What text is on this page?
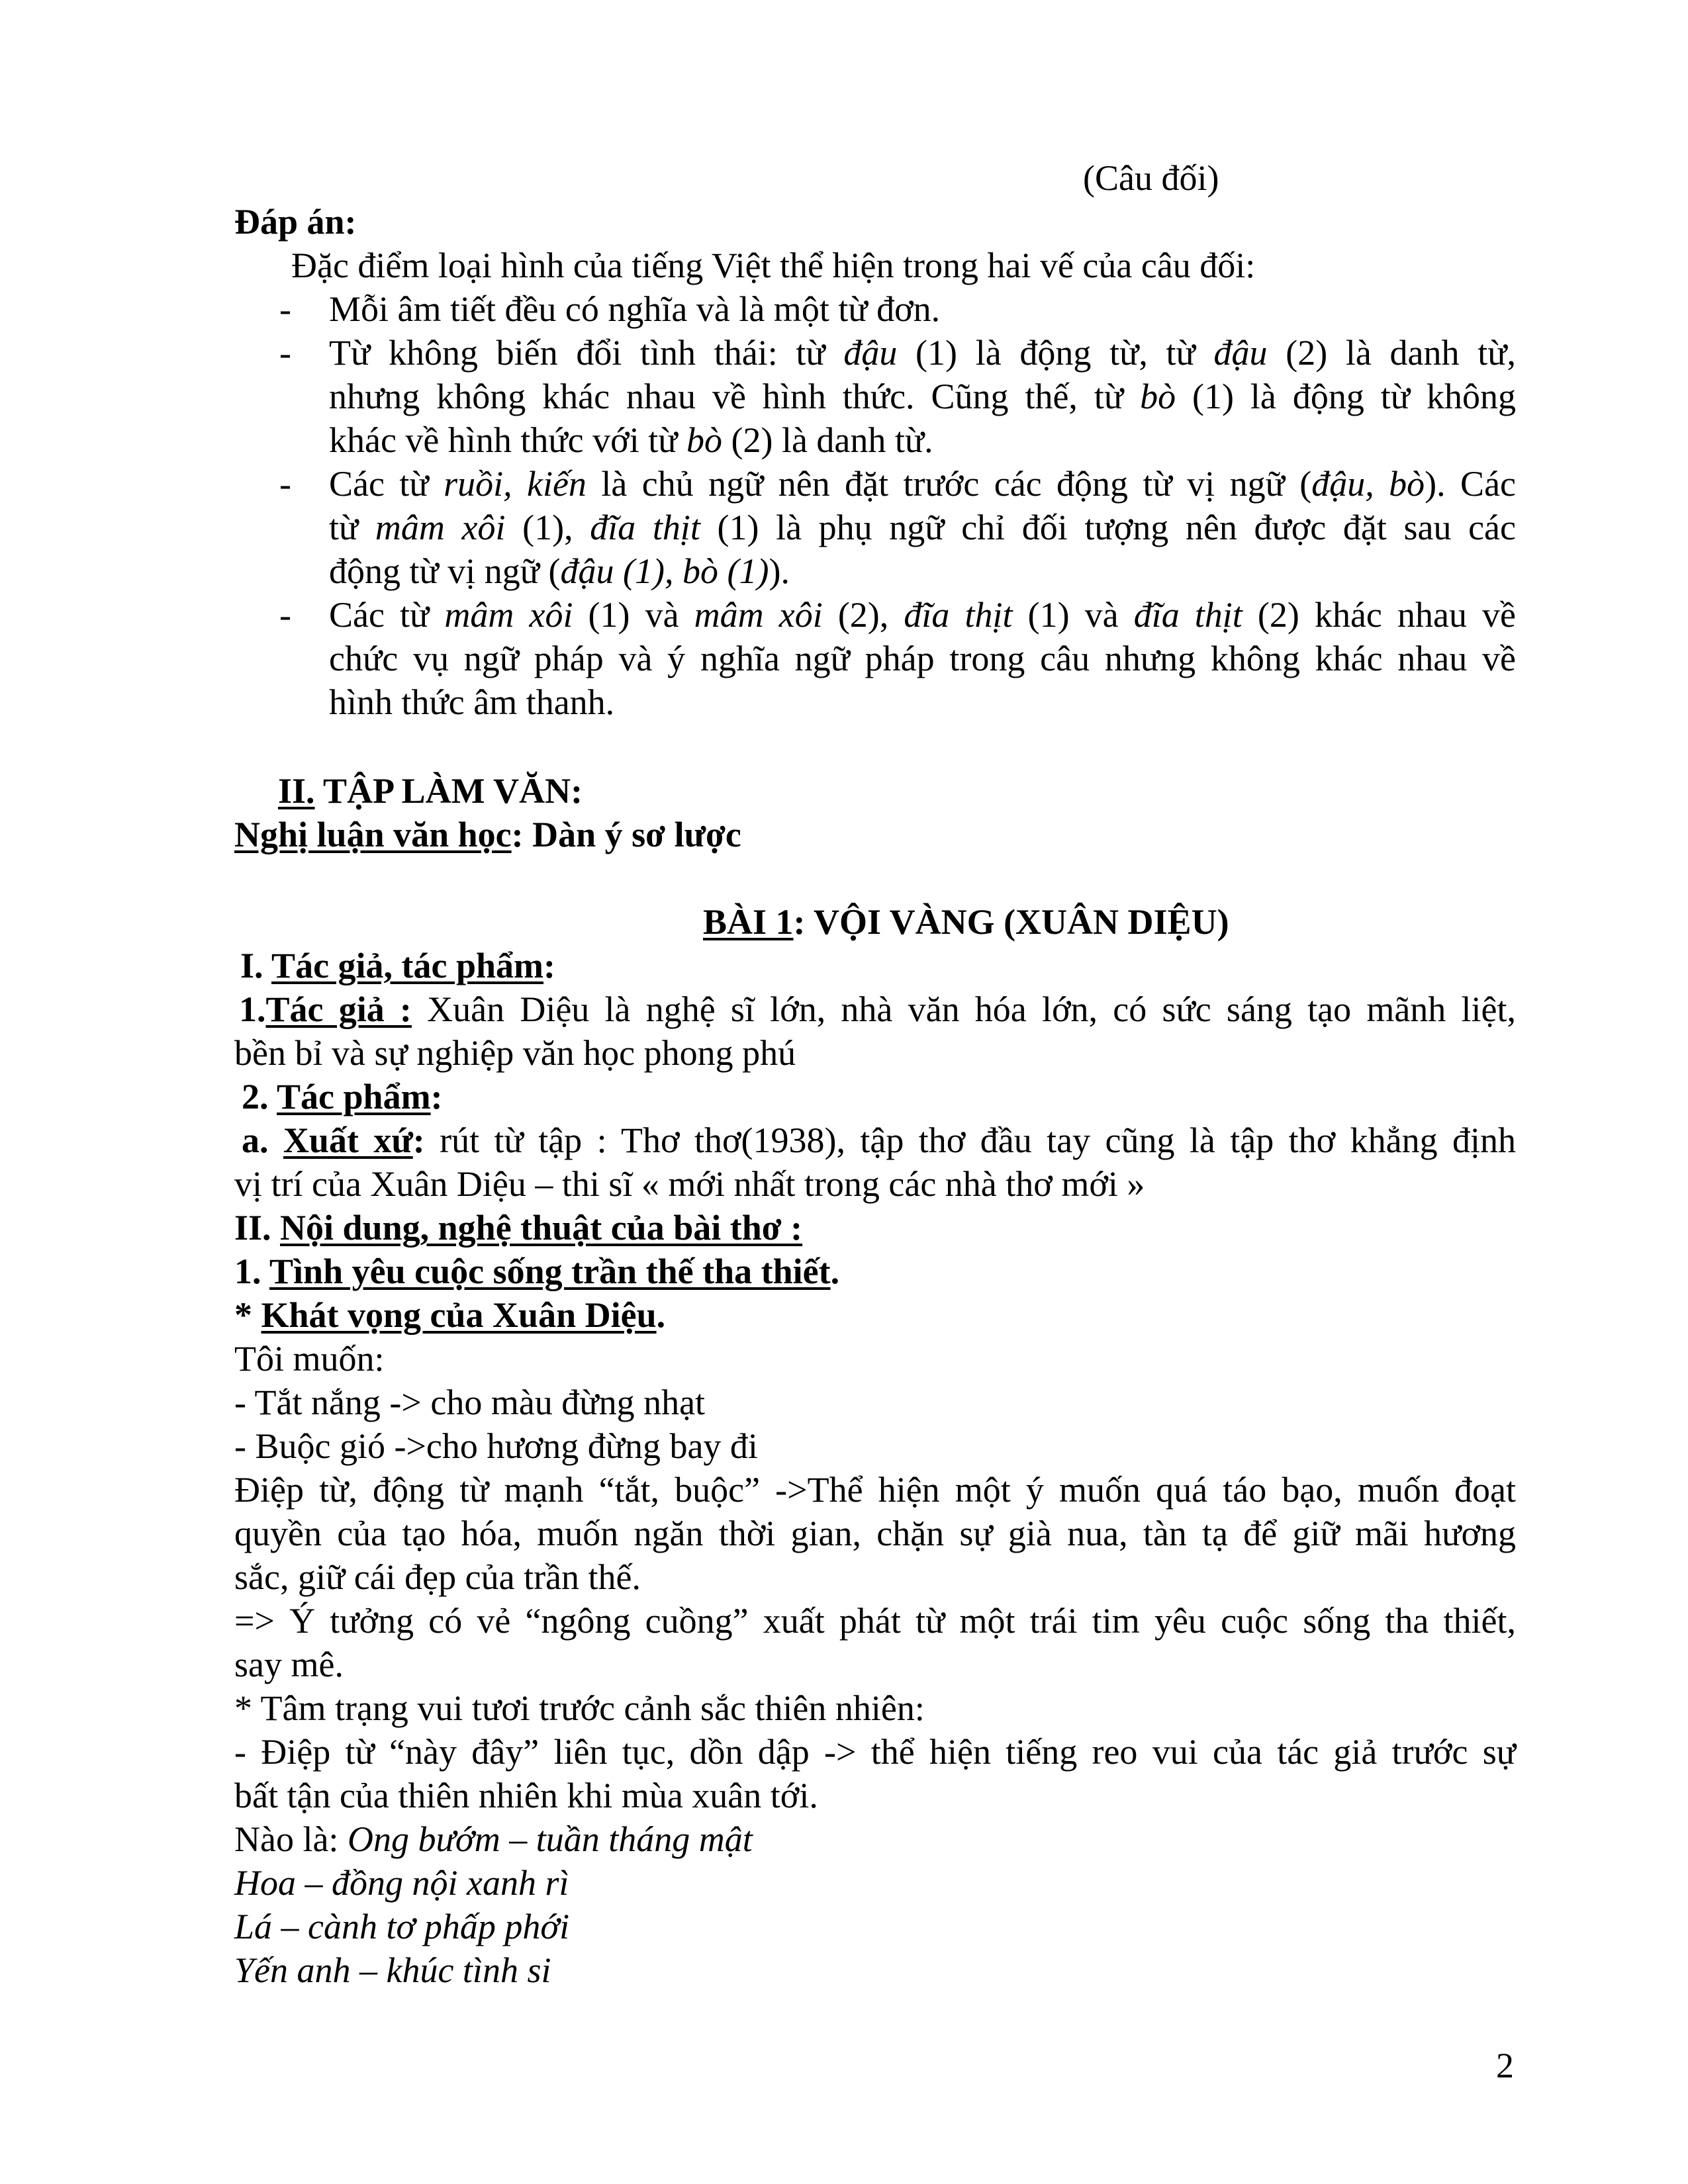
(Câu đối)
Đáp án:
Đặc điểm loại hình của tiếng Việt thể hiện trong hai vế của câu đối:
- Mỗi âm tiết đều có nghĩa và là một từ đơn.
- Từ không biến đổi tình thái: từ đậu (1) là động từ, từ đậu (2) là danh từ,
nhưng không khác nhau về hình thức. Cũng thế, từ bò (1) là động từ không
khác về hình thức với từ bò (2) là danh từ.
- Các từ ruồi, kiến là chủ ngữ nên đặt trước các động từ vị ngữ (đậu, bò). Các
từ mâm xôi (1), đĩa thịt (1) là phụ ngữ chỉ đối tượng nên được đặt sau các
động từ vị ngữ (đậu (1), bò (1)).
- Các từ mâm xôi (1) và mâm xôi (2), đĩa thịt (1) và đĩa thịt (2) khác nhau về
chức vụ ngữ pháp và ý nghĩa ngữ pháp trong câu nhưng không khác nhau về
hình thức âm thanh.
II. TẬP LÀM VĂN:
Nghị luận văn học: Dàn ý sơ lược
BÀI 1: VỘI VÀNG (XUÂN DIỆU)
I. Tác giả, tác phẩm:
1.Tác giả : Xuân Diệu là nghệ sĩ lớn, nhà văn hóa lớn, có sức sáng tạo mãnh liệt,
bền bỉ và sự nghiệp văn học phong phú
2. Tác phẩm:
a. Xuất xứ: rút từ tập : Thơ thơ(1938), tập thơ đầu tay cũng là tập thơ khẳng định
vị trí của Xuân Diệu – thi sĩ « mới nhất trong các nhà thơ mới »
II. Nội dung, nghệ thuật của bài thơ :
1. Tình yêu cuộc sống trần thế tha thiết.
* Khát vọng của Xuân Diệu.
Tôi muốn:
- Tắt nắng -> cho màu đừng nhạt
- Buộc gió ->cho hương đừng bay đi
Điệp từ, động từ mạnh “tắt, buộc” ->Thể hiện một ý muốn quá táo bạo, muốn đoạt
quyền của tạo hóa, muốn ngăn thời gian, chặn sự già nua, tàn tạ để giữ mãi hương
sắc, giữ cái đẹp của trần thế.
=> Ý tưởng có vẻ “ngông cuồng” xuất phát từ một trái tim yêu cuộc sống tha thiết,
say mê.
* Tâm trạng vui tươi trước cảnh sắc thiên nhiên:
- Điệp từ “này đây” liên tục, dồn dập -> thể hiện tiếng reo vui của tác giả trước sự
bất tận của thiên nhiên khi mùa xuân tới.
Nào là: Ong bướm – tuần tháng mật
Hoa – đồng nội xanh rì
Lá – cành tơ phấp phới
Yến anh – khúc tình si
2
